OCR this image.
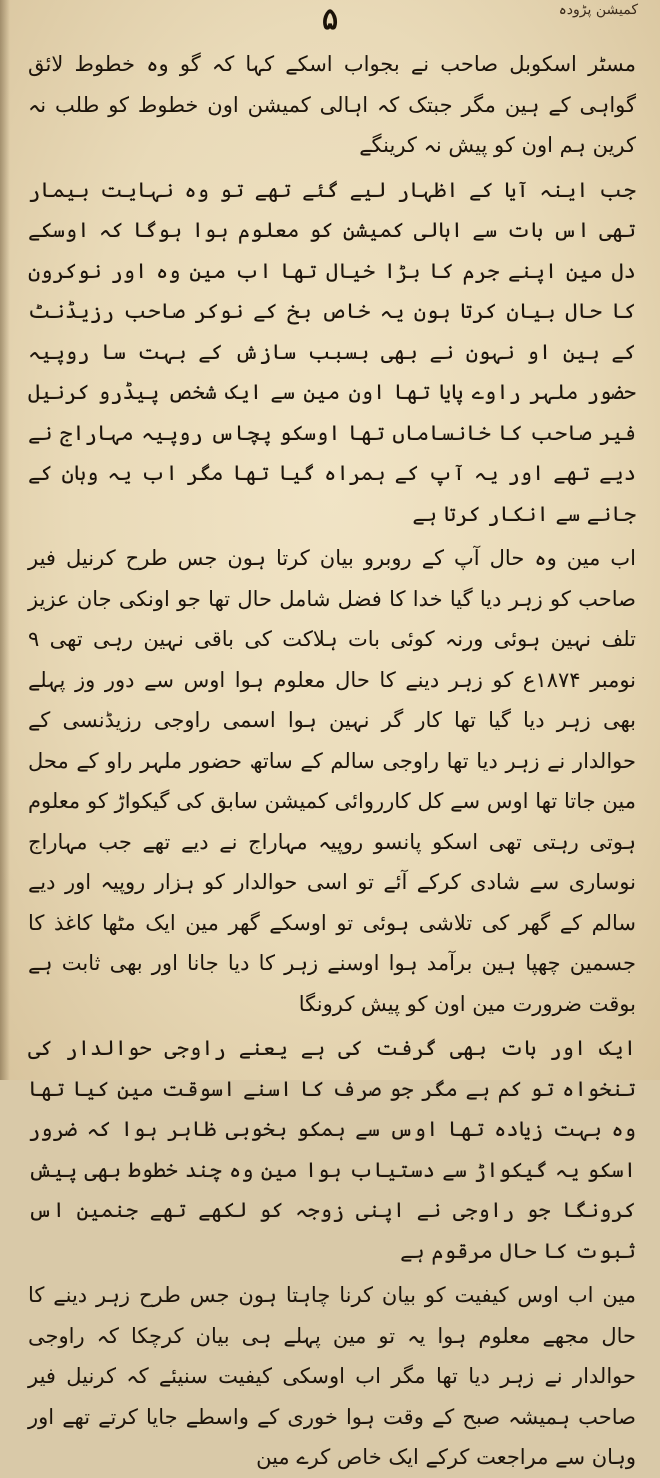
کمیشن پڑودہ

۵

مسٹر اسکوبل صاحب نے بجواب اسکے کہا کہ گو وہ خطوط لائق گواہی کے ہین مگر جبتک کہ اہالی کمیشن اون خطوط کو طلب نہ کرین ہم اون کو پیش نہ کرینگے

جب اینہ آیا کے اظہار لیے گئے تھے تو وہ نہایت بیمار تھی اس بات سے اہالی کمیشن کو معلوم ہوا ہوگا کہ اوسکے دل مین اپنے جرم کا بڑا خیال تھا اب مین وہ اور نوکرون کا حال بیان کرتا ہون یہ خاص بخ کے نوکر صاحب رزیڈنٹ کے ہین او نہون نے بھی بسبب سازش کے بہت سا روپیہ حضور ملہر راوے پایا تھا اون مین سے ایک شخص پیڈرو کرنیل فیر صاحب کا خانساماں تھا اوسکو پچاس روپیہ مہاراج نے دیے تھے اور یہ آپ کے ہمراہ گیا تھا مگر اب یہ وہان کے جانے سے انکار کرتا ہے

اب مین وہ حال آپ کے روبرو بیان کرتا ہون جس طرح کرنیل فیر صاحب کو زہر دیا گیا خدا کا فضل شامل حال تھا جو اونکی جان عزیز تلف نہین ہوئی ورنہ کوئی بات ہلاکت کی باقی نہین رہی تھی ۹ نومبر ۱۸۷۴ع کو زہر دینے کا حال معلوم ہوا اوس سے دور وز پہلے بھی زہر دیا گیا تھا کار گر نہین ہوا اسمی راوجی رزیڈنسی کے حوالدار نے زہر دیا تھا راوجی سالم کے ساتھ حضور ملہر راو کے محل مین جاتا تھا اوس سے کل کارروائی کمیشن سابق کی گیکواڑ کو معلوم ہوتی رہتی تھی اسکو پانسو روپیہ مہاراج نے دیے تھے جب مہاراج نوساری سے شادی کرکے آئے تو اسی حوالدار کو ہزار روپیہ اور دیے سالم کے گھر کی تلاشی ہوئی تو اوسکے گھر مین ایک مٹھا کاغذ کا جسمین چھپا ہین برآمد ہوا اوسنے زہر کا دیا جانا اور بھی ثابت ہے بوقت ضرورت مین اون کو پیش کرونگا

ایک اور بات بھی گرفت کی ہے یعنے راوجی حوالدار کی تنخواہ تو کم ہے مگر جو صرف کا اسنے اسوقت مین کیا تھا وہ بہت زیادہ تھا اوس سے ہمکو بخوبی ظاہر ہوا کہ ضرور اسکو یہ گیکواڑ سے دستیاب ہوا مین وہ چند خطوط بھی پیش کرونگا جو راوجی نے اپنی زوجہ کو لکھے تھے جنمین اس ثبوت کا حال مرقوم ہے

مین اب اوس کیفیت کو بیان کرنا چاہتا ہون جس طرح زہر دینے کا حال مجھے معلوم ہوا یہ تو مین پہلے ہی بیان کرچکا کہ راوجی حوالدار نے زہر دیا تھا مگر اب اوسکی کیفیت سنیئے کہ کرنیل فیر صاحب ہمیشہ صبح کے وقت ہوا خوری کے واسطے جایا کرتے تھے اور وہان سے مراجعت کرکے ایک خاص کرے مین
